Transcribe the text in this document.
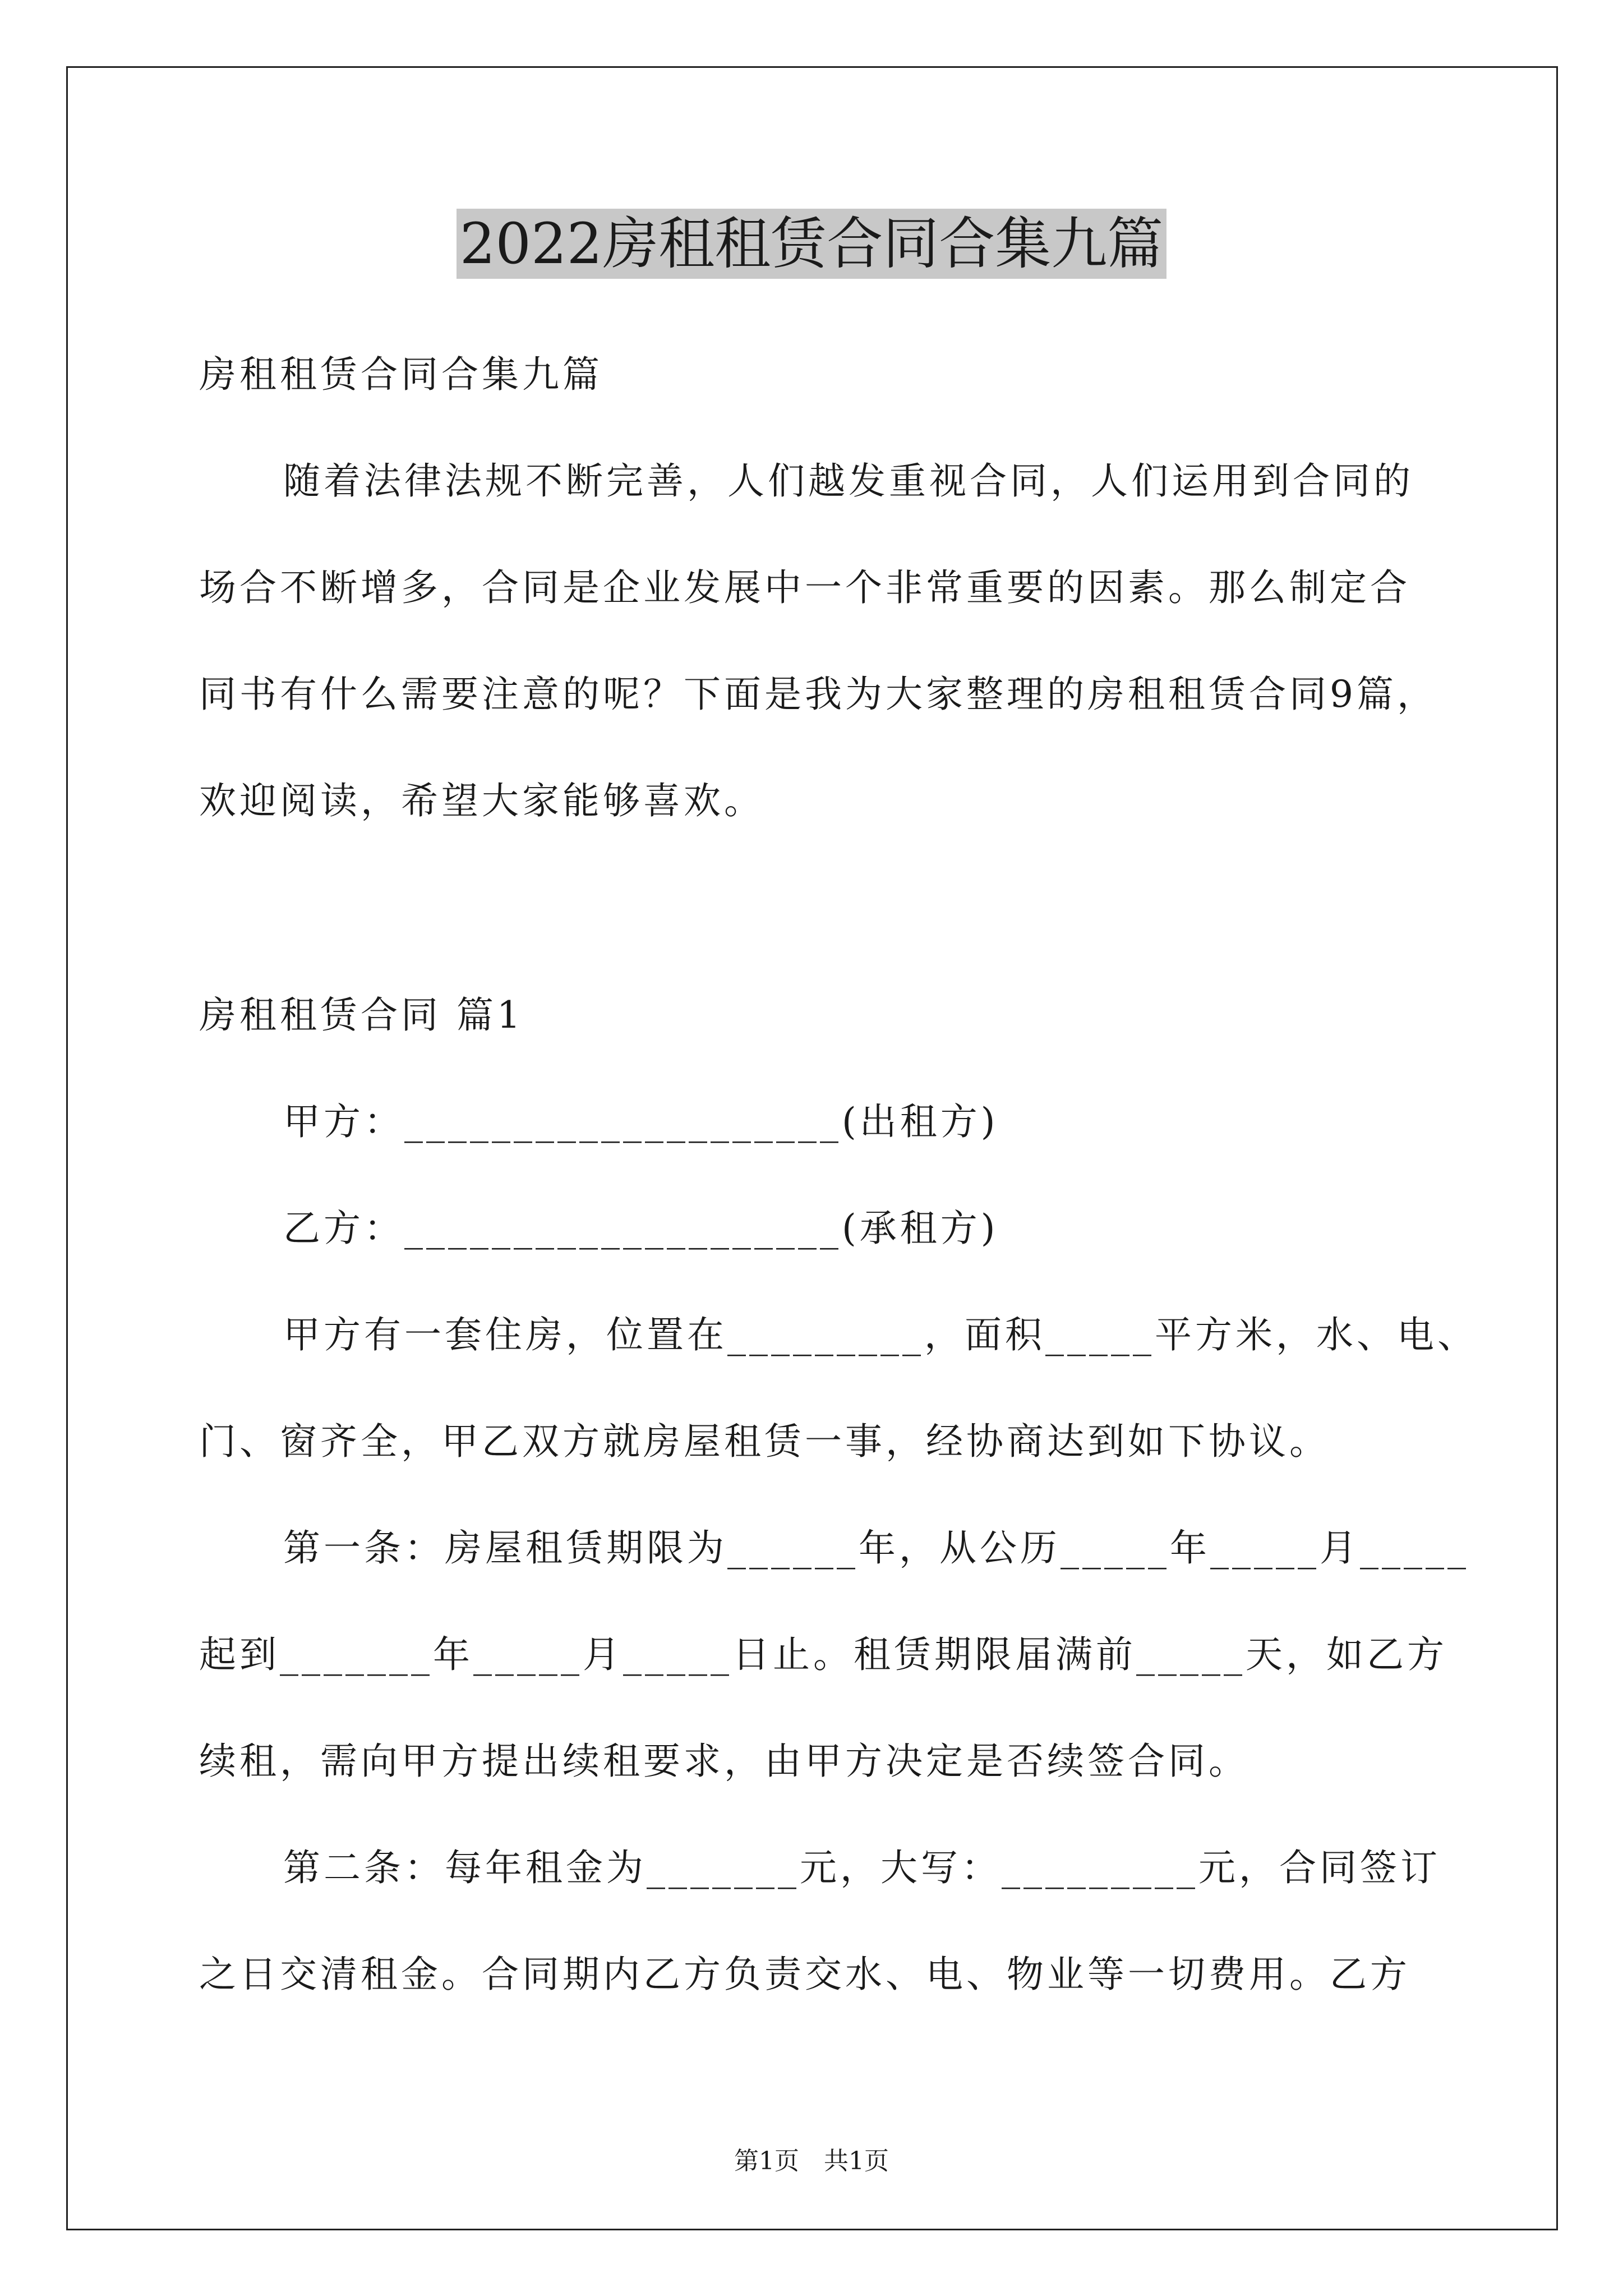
2022房租租赁合同合集九篇
房租租赁合同合集九篇
随着法律法规不断完善，人们越发重视合同，人们运用到合同的
场合不断增多，合同是企业发展中一个非常重要的因素。那么制定合
同书有什么需要注意的呢？下面是我为大家整理的房租租赁合同9篇，
欢迎阅读，希望大家能够喜欢。
房租租赁合同 篇1
甲方：____________________(出租方)
乙方：____________________(承租方)
甲方有一套住房，位置在_________，面积_____平方米，水、电、
门、窗齐全，甲乙双方就房屋租赁一事，经协商达到如下协议。
第一条：房屋租赁期限为______年，从公历_____年_____月_____
起到_______年_____月_____日止。租赁期限届满前_____天，如乙方
续租，需向甲方提出续租要求，由甲方决定是否续签合同。
第二条：每年租金为_______元，大写：_________元，合同签订
之日交清租金。合同期内乙方负责交水、电、物业等一切费用。乙方
第1页　共1页
